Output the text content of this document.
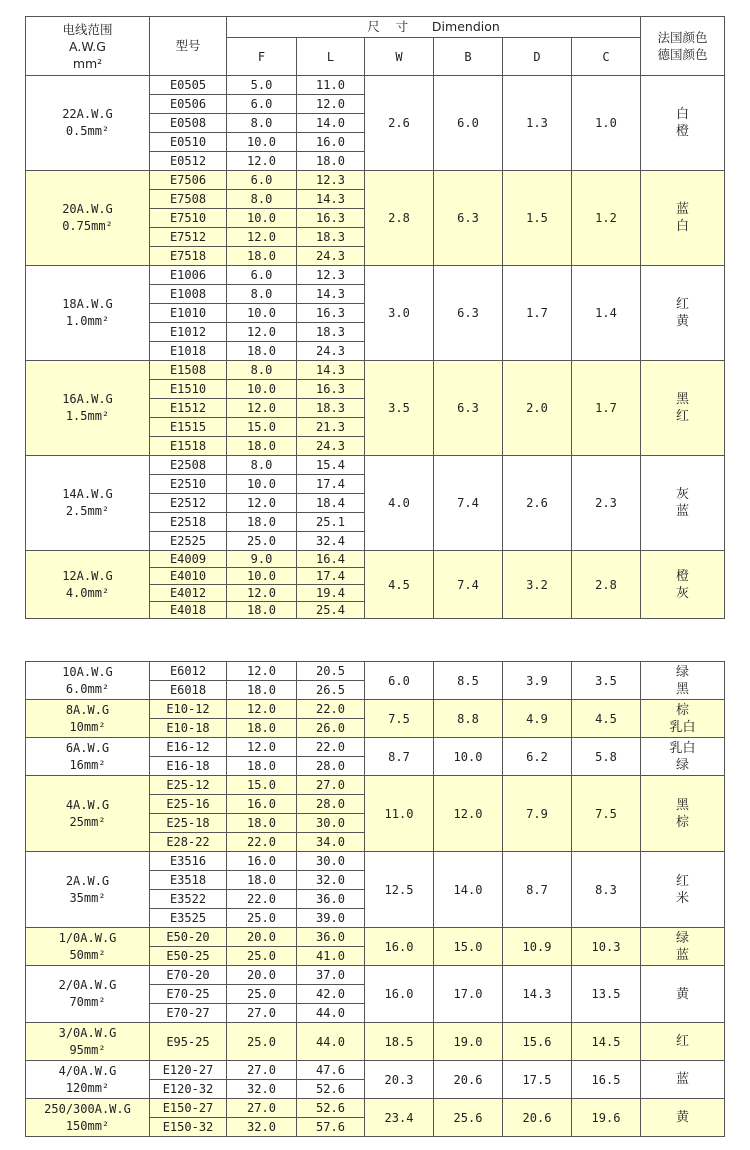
电线范围
A.W.G
mm²	型号	尺    寸      Dimendion						法国颜色
德国颜色

		F	L	W	B	D	C	

22A.W.G
0.5mm²	E0505	5.0	11.0	2.6	6.0	1.3	1.0	白
橙

	E0506	6.0	12.0					
	E0508	8.0	14.0					
	E0510	10.0	16.0					
	E0512	12.0	18.0					

20A.W.G
0.75mm²	E7506	6.0	12.3	2.8	6.3	1.5	1.2	蓝
白

	E7508	8.0	14.3					
	E7510	10.0	16.3					
	E7512	12.0	18.3					
	E7518	18.0	24.3					

18A.W.G
1.0mm²	E1006	6.0	12.3	3.0	6.3	1.7	1.4	红
黄

	E1008	8.0	14.3					
	E1010	10.0	16.3					
	E1012	12.0	18.3					
	E1018	18.0	24.3					

16A.W.G
1.5mm²	E1508	8.0	14.3	3.5	6.3	2.0	1.7	黑
红

	E1510	10.0	16.3					
	E1512	12.0	18.3					
	E1515	15.0	21.3					
	E1518	18.0	24.3					

14A.W.G
2.5mm²	E2508	8.0	15.4	4.0	7.4	2.6	2.3	灰
蓝

	E2510	10.0	17.4					
	E2512	12.0	18.4					
	E2518	18.0	25.1					
	E2525	25.0	32.4					

12A.W.G
4.0mm²	E4009	9.0	16.4	4.5	7.4	3.2	2.8	橙
灰

	E4010	10.0	17.4					
	E4012	12.0	19.4					
	E4018	18.0	25.4					
10A.W.G
6.0mm²	E6012	12.0	20.5	6.0	8.5	3.9	3.5	绿
黑

	E6018	18.0	26.5					

8A.W.G
10mm²	E10-12	12.0	22.0	7.5	8.8	4.9	4.5	棕
乳白

	E10-18	18.0	26.0					

6A.W.G
16mm²	E16-12	12.0	22.0	8.7	10.0	6.2	5.8	乳白
绿

	E16-18	18.0	28.0					

4A.W.G
25mm²	E25-12	15.0	27.0	11.0	12.0	7.9	7.5	黑
棕

	E25-16	16.0	28.0					
	E25-18	18.0	30.0					
	E28-22	22.0	34.0					

2A.W.G
35mm²	E3516	16.0	30.0	12.5	14.0	8.7	8.3	红
米

	E3518	18.0	32.0					
	E3522	22.0	36.0					
	E3525	25.0	39.0					

1/0A.W.G
50mm²	E50-20	20.0	36.0	16.0	15.0	10.9	10.3	绿
蓝

	E50-25	25.0	41.0					

2/0A.W.G
70mm²	E70-20	20.0	37.0	16.0	17.0	14.3	13.5	黄

	E70-25	25.0	42.0					
	E70-27	27.0	44.0					

3/0A.W.G
95mm²	E95-25	25.0	44.0	18.5	19.0	15.6	14.5	红

4/0A.W.G
120mm²	E120-27	27.0	47.6	20.3	20.6	17.5	16.5	蓝

	E120-32	32.0	52.6					

250/300A.W.G
150mm²	E150-27	27.0	52.6	23.4	25.6	20.6	19.6	黄

	E150-32	32.0	57.6					
